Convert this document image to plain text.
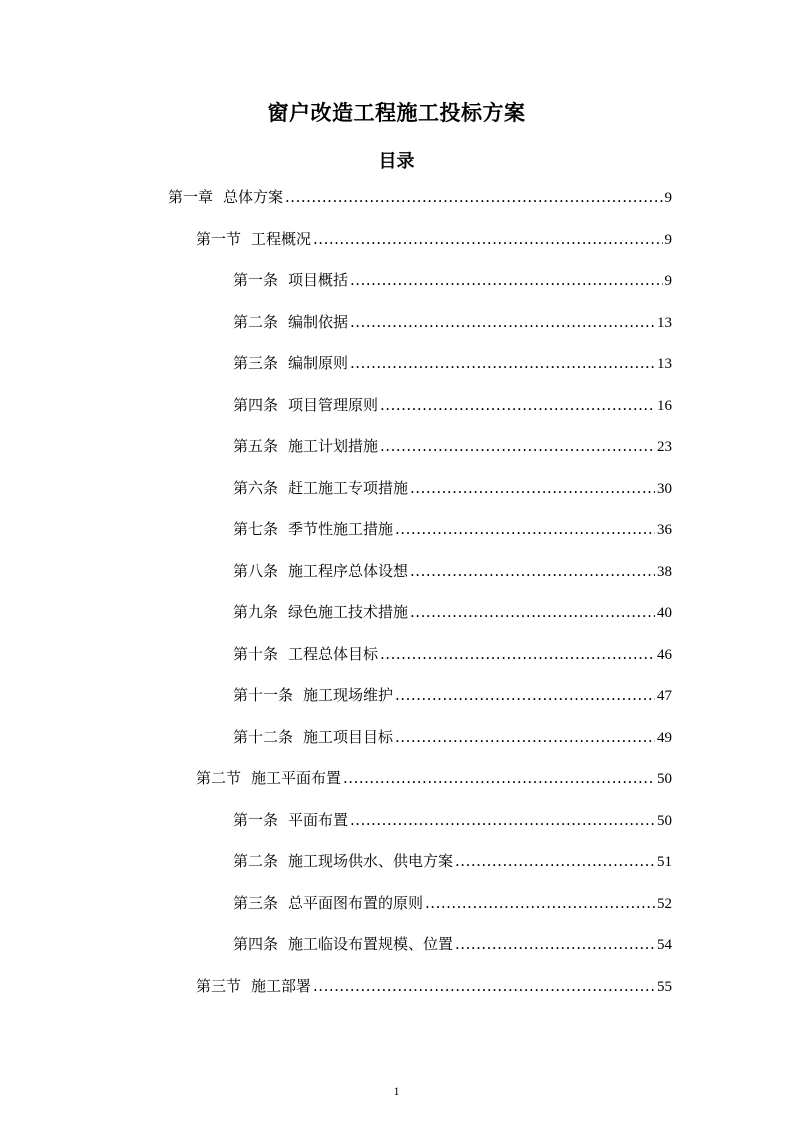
窗户改造工程施工投标方案
目录
第一章 总体方案 .....	9
第一节 工程概况 .....	9
第一条 项目概括 .....	9
第二条 编制依据 .....	13
第三条 编制原则 .....	13
第四条 项目管理原则 .....	16
第五条 施工计划措施 .....	23
第六条 赶工施工专项措施 .....	30
第七条 季节性施工措施 .....	36
第八条 施工程序总体设想 .....	38
第九条 绿色施工技术措施 .....	40
第十条 工程总体目标 .....	46
第十一条 施工现场维护 .....	47
第十二条 施工项目目标 .....	49
第二节 施工平面布置 .....	50
第一条 平面布置 .....	50
第二条 施工现场供水、供电方案 .....	51
第三条 总平面图布置的原则 .....	52
第四条 施工临设布置规模、位置 .....	54
第三节 施工部署 .....	55
1
